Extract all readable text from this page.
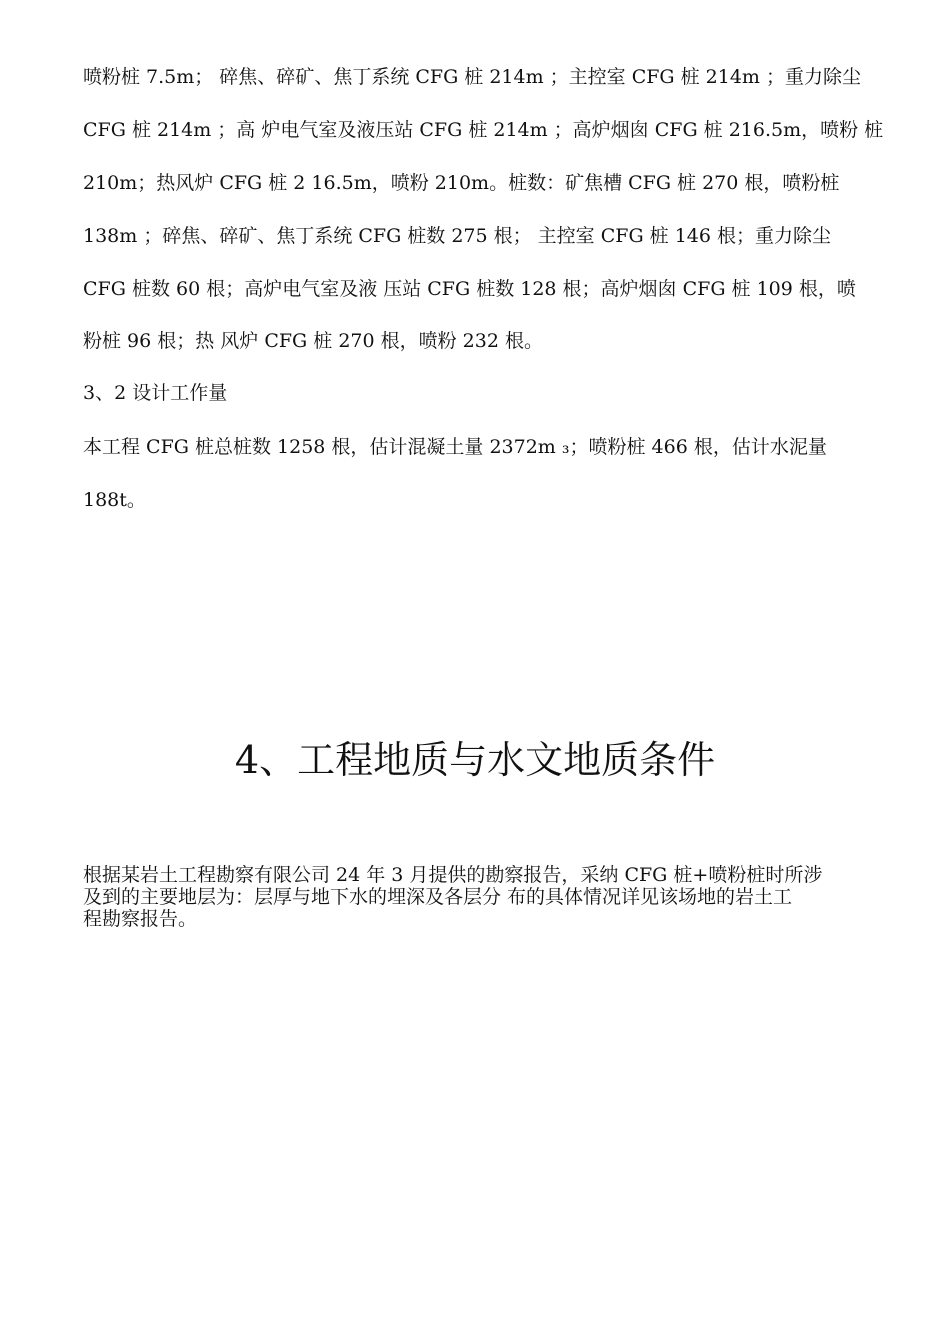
喷粉桩 7.5m； 碎焦、碎矿、焦丁系统 CFG 桩 214m ；主控室 CFG 桩 214m ；重力除尘
CFG 桩 214m ；高 炉电气室及液压站 CFG 桩 214m ；高炉烟囱 CFG 桩 216.5m，喷粉 桩
210m；热风炉 CFG 桩 2 16.5m，喷粉 210m。桩数：矿焦槽 CFG 桩 270 根，喷粉桩
138m ；碎焦、碎矿、焦丁系统 CFG 桩数 275 根； 主控室 CFG 桩 146 根；重力除尘
CFG 桩数 60 根；高炉电气室及液 压站 CFG 桩数 128 根；高炉烟囱 CFG 桩 109 根，喷
粉桩 96 根；热 风炉 CFG 桩 270 根，喷粉 232 根。
3、2 设计工作量
本工程 CFG 桩总桩数 1258 根，估计混凝土量 2372m ₃；喷粉桩 466 根，估计水泥量
188t。
4、工程地质与水文地质条件
根据某岩土工程勘察有限公司 24 年 3 月提供的勘察报告，采纳 CFG 桩+喷粉桩时所涉
及到的主要地层为：层厚与地下水的埋深及各层分 布的具体情况详见该场地的岩土工
程勘察报告。
